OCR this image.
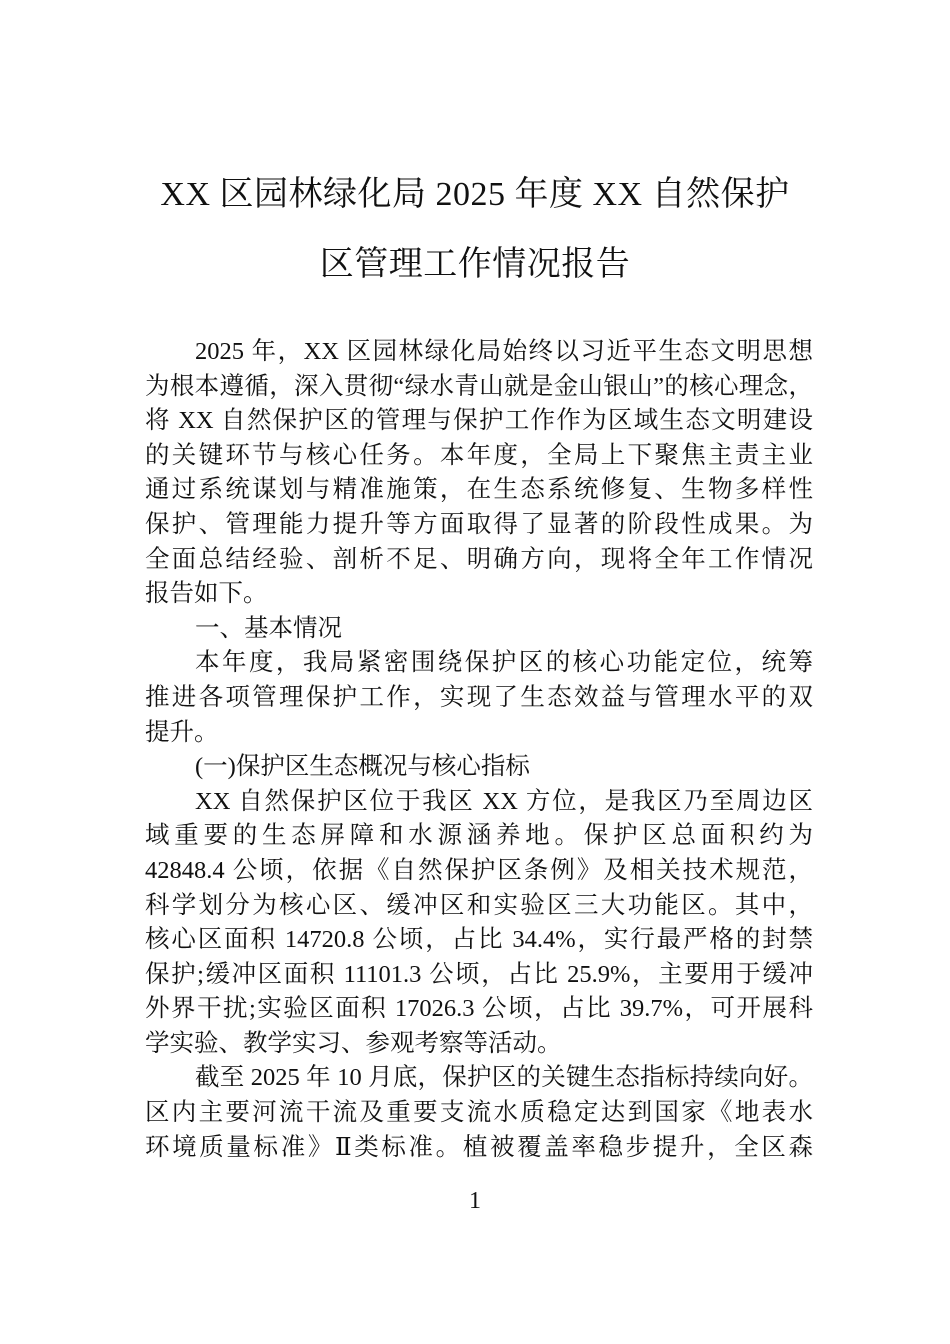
XX 区园林绿化局 2025 年度 XX 自然保护
区管理工作情况报告
2025 年，XX 区园林绿化局始终以习近平生态文明思想
为根本遵循，深入贯彻“绿水青山就是金山银山”的核心理念，
将 XX 自然保护区的管理与保护工作作为区域生态文明建设
的关键环节与核心任务。本年度，全局上下聚焦主责主业
通过系统谋划与精准施策，在生态系统修复、生物多样性
保护、管理能力提升等方面取得了显著的阶段性成果。为
全面总结经验、剖析不足、明确方向，现将全年工作情况
报告如下。
一、基本情况
本年度，我局紧密围绕保护区的核心功能定位，统筹
推进各项管理保护工作，实现了生态效益与管理水平的双
提升。
(一)保护区生态概况与核心指标
XX 自然保护区位于我区 XX 方位，是我区乃至周边区
域重要的生态屏障和水源涵养地。保护区总面积约为
42848.4 公顷，依据《自然保护区条例》及相关技术规范，
科学划分为核心区、缓冲区和实验区三大功能区。其中，
核心区面积 14720.8 公顷，占比 34.4%，实行最严格的封禁
保护;缓冲区面积 11101.3 公顷，占比 25.9%，主要用于缓冲
外界干扰;实验区面积 17026.3 公顷，占比 39.7%，可开展科
学实验、教学实习、参观考察等活动。
截至 2025 年 10 月底，保护区的关键生态指标持续向好。
区内主要河流干流及重要支流水质稳定达到国家《地表水
环境质量标准》Ⅱ类标准。植被覆盖率稳步提升，全区森
1
